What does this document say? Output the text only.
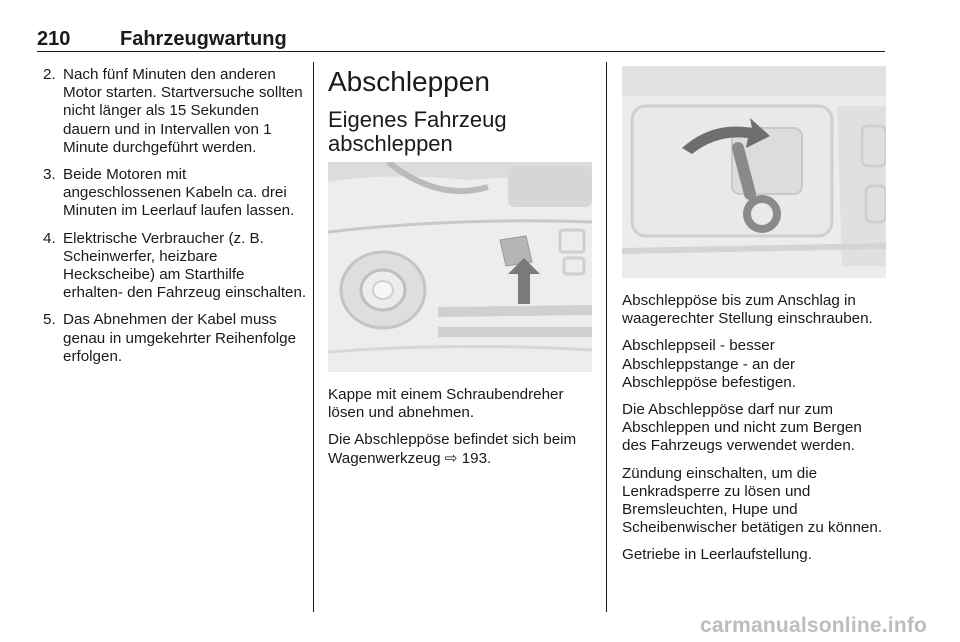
210 Fahrzeugwartung
2. Nach fünf Minuten den anderen Motor starten. Startversuche sollten nicht länger als 15 Sekunden dauern und in Intervallen von 1 Minute durchgeführt werden.
3. Beide Motoren mit angeschlossenen Kabeln ca. drei Minuten im Leerlauf laufen lassen.
4. Elektrische Verbraucher (z. B. Scheinwerfer, heizbare Heckscheibe) am Starthilfe erhalten- den Fahrzeug einschalten.
5. Das Abnehmen der Kabel muss genau in umgekehrter Reihenfolge erfolgen.
Abschleppen
Eigenes Fahrzeug abschleppen

Kappe mit einem Schraubendreher lösen und abnehmen.

Die Abschleppöse befindet sich beim Wagenwerkzeug ⇨ 193.

Abschleppöse bis zum Anschlag in waagerechter Stellung einschrauben.

Abschleppseil - besser Abschleppstange - an der Abschleppöse befestigen.

Die Abschleppöse darf nur zum Abschleppen und nicht zum Bergen des Fahrzeugs verwendet werden.

Zündung einschalten, um die Lenkradsperre zu lösen und Bremsleuchten, Hupe und Scheibenwischer betätigen zu können.

Getriebe in Leerlaufstellung.

carmanualsonline.info
